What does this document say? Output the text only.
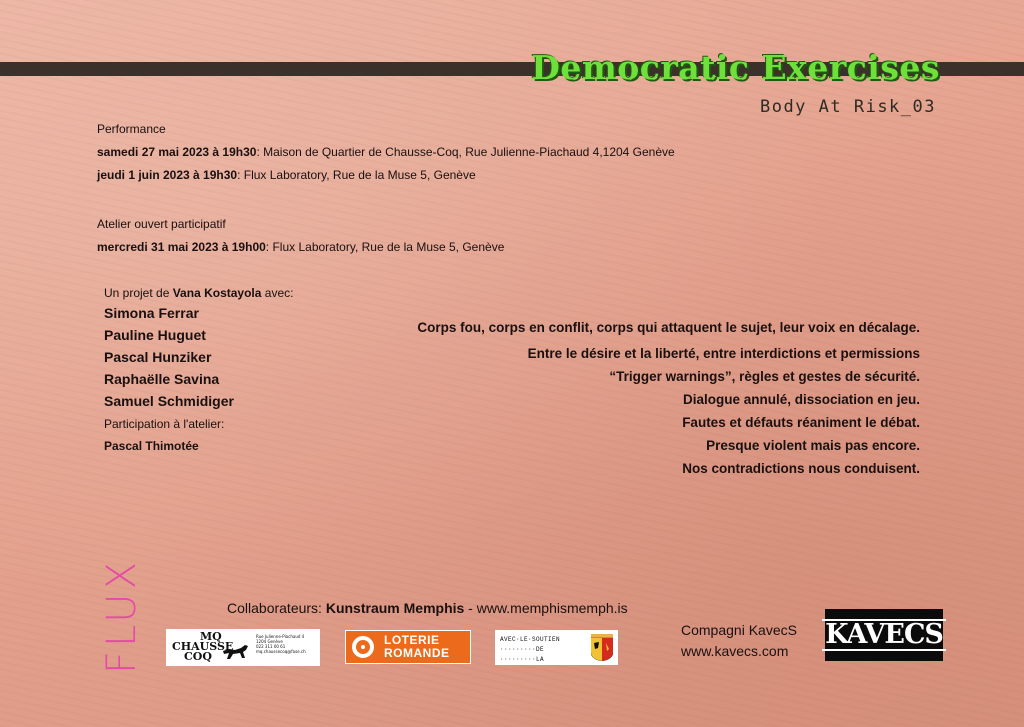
Democratic Exercises
Body At Risk_03
Performance
samedi 27 mai 2023 à 19h30: Maison de Quartier de Chausse-Coq, Rue Julienne-Piachaud 4,1204 Genève
jeudi 1 juin 2023 à 19h30: Flux Laboratory, Rue de la Muse 5, Genève
Atelier ouvert participatif
mercredi 31 mai 2023 à 19h00: Flux Laboratory, Rue de la Muse 5, Genève
Un projet de Vana Kostayola avec:
Simona Ferrar
Pauline Huguet
Pascal Hunziker
Raphaëlle Savina
Samuel Schmidiger
Participation à l'atelier:
Pascal Thimotée
Corps fou, corps en conflit, corps qui attaquent le sujet, leur voix en décalage.
Entre le désire et la liberté, entre interdictions et permissions
“Trigger warnings”, règles et gestes de sécurité.
Dialogue annulé, dissociation en jeu.
Fautes et défauts réaniment le débat.
Presque violent mais pas encore.
Nos contradictions nous conduisent.
FLUX	Collaborateurs: Kunstraum Memphis - www.memphismemph.is
MQ
CHAUSSE
COQ
Rue Julienne-Piachaud 4
1204 Genève
022 311 00 61
mq.chaussecoq@fase.ch
LOTERIE
ROMANDE
AVEC·LE·SOUTIEN
·········DE
·········LA
Compagni KavecS
www.kavecs.com
KAVECS
